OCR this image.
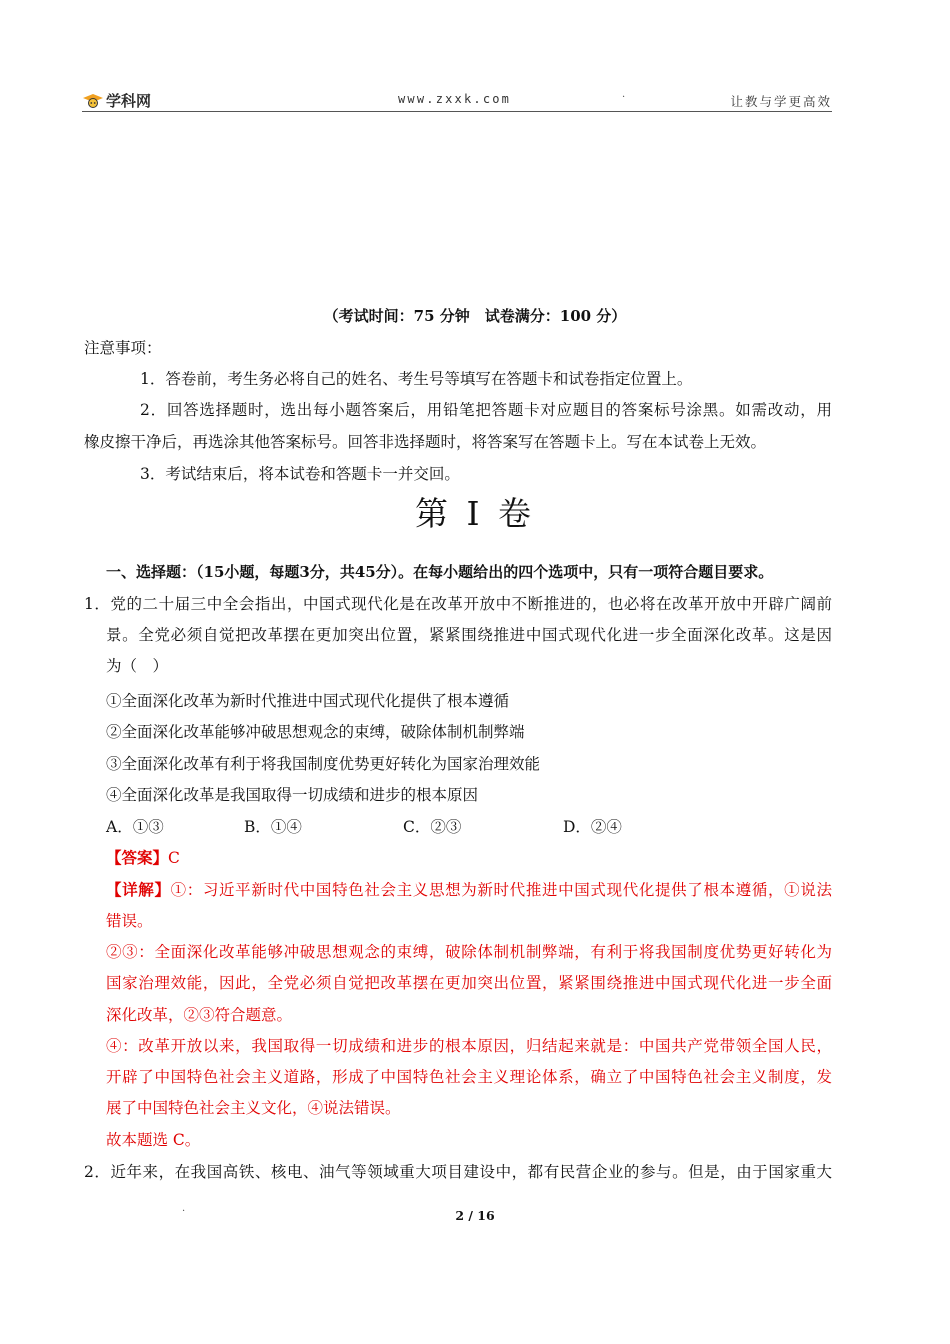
学科网	www.zxxk.com	·	让教与学更高效
（考试时间：75 分钟　试卷满分：100 分）
注意事项：
1．答卷前，考生务必将自己的姓名、考生号等填写在答题卡和试卷指定位置上。
2．回答选择题时，选出每小题答案后，用铅笔把答题卡对应题目的答案标号涂黑。如需改动，用
橡皮擦干净后，再选涂其他答案标号。回答非选择题时，将答案写在答题卡上。写在本试卷上无效。
3．考试结束后，将本试卷和答题卡一并交回。
第 I 卷
一、选择题：（15小题，每题3分，共45分）。在每小题给出的四个选项中，只有一项符合题目要求。
1．党的二十届三中全会指出，中国式现代化是在改革开放中不断推进的，也必将在改革开放中开辟广阔前
景。全党必须自觉把改革摆在更加突出位置，紧紧围绕推进中国式现代化进一步全面深化改革。这是因
为（　）
①全面深化改革为新时代推进中国式现代化提供了根本遵循
②全面深化改革能够冲破思想观念的束缚，破除体制机制弊端
③全面深化改革有利于将我国制度优势更好转化为国家治理效能
④全面深化改革是我国取得一切成绩和进步的根本原因
A．①③	B．①④	C．②③	D．②④
【答案】C
【详解】①：习近平新时代中国特色社会主义思想为新时代推进中国式现代化提供了根本遵循，①说法
错误。
②③：全面深化改革能够冲破思想观念的束缚，破除体制机制弊端，有利于将我国制度优势更好转化为
国家治理效能，因此，全党必须自觉把改革摆在更加突出位置，紧紧围绕推进中国式现代化进一步全面
深化改革，②③符合题意。
④：改革开放以来，我国取得一切成绩和进步的根本原因，归结起来就是：中国共产党带领全国人民，
开辟了中国特色社会主义道路，形成了中国特色社会主义理论体系，确立了中国特色社会主义制度，发
展了中国特色社会主义文化，④说法错误。
故本题选 C。
2．近年来，在我国高铁、核电、油气等领域重大项目建设中，都有民营企业的参与。但是，由于国家重大
·	2 / 16
